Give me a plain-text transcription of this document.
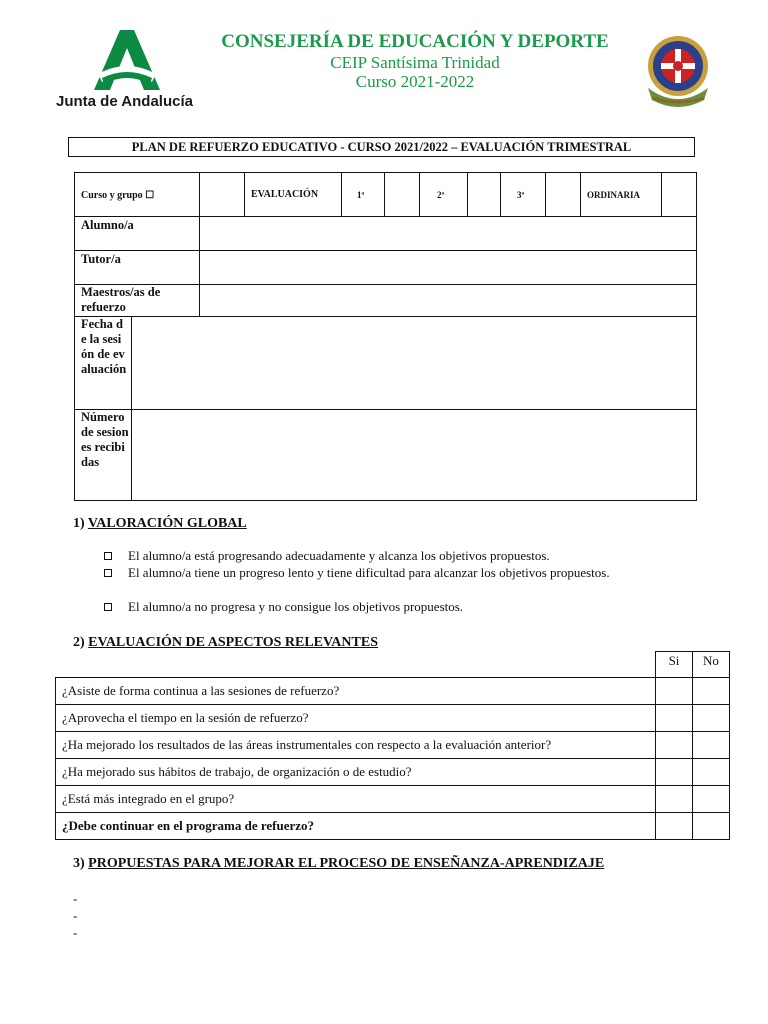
Junta de Andalucía
CONSEJERÍA DE EDUCACIÓN Y DEPORTE
CEIP Santísima Trinidad
Curso 2021-2022
PLAN DE REFUERZO EDUCATIVO - CURSO 2021/2022 – EVALUACIÓN TRIMESTRAL
Curso y grupo ☐	EVALUACIÓN	1ª	2ª	3ª	ORDINARIA
Alumno/a
Tutor/a
Maestros/as de refuerzo
Fecha de la sesión de evaluación
Número de sesiones recibidas
1) VALORACIÓN GLOBAL
El alumno/a está progresando adecuadamente y alcanza los objetivos propuestos.
El alumno/a tiene un progreso lento y tiene dificultad para alcanzar los objetivos propuestos.
El alumno/a no progresa y no consigue los objetivos propuestos.
2) EVALUACIÓN DE ASPECTOS RELEVANTES
Si	No
¿Asiste de forma continua a las sesiones de refuerzo?		
¿Aprovecha el tiempo en la sesión de refuerzo?		
¿Ha mejorado los resultados de las áreas instrumentales con respecto a la evaluación anterior?		
¿Ha mejorado sus hábitos de trabajo, de organización o de estudio?		
¿Está más integrado en el grupo?		
¿Debe continuar en el programa de refuerzo?		
3) PROPUESTAS PARA MEJORAR EL PROCESO DE ENSEÑANZA-APRENDIZAJE
-
-
-
